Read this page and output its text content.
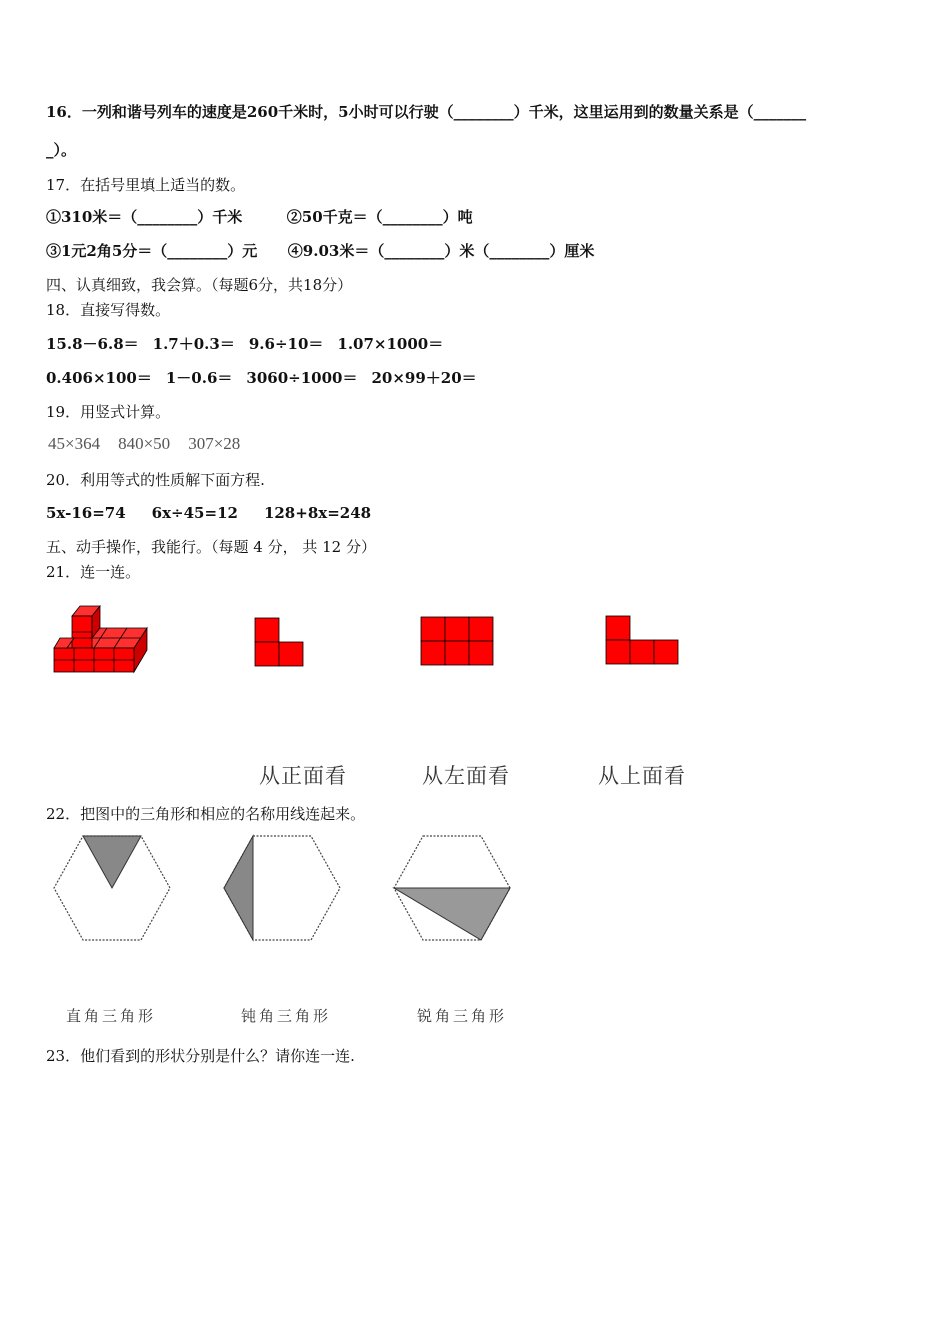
16．一列和谐号列车的速度是260千米时，5小时可以行驶（________）千米，这里运用到的数量关系是（_______
_）。
17．在括号里填上适当的数。
①310米＝（________）千米	②50千克＝（________）吨
③1元2角5分＝（________）元 ④9.03米＝（________）米（________）厘米
四、认真细致，我会算。（每题6分，共18分）
18．直接写得数。
15.8－6.8＝ 1.7＋0.3＝ 9.6÷10＝ 1.07×1000＝
0.406×100＝ 1－0.6＝ 3060÷1000＝ 20×99＋20＝
19．用竖式计算。
45×364 840×50 307×28
20．利用等式的性质解下面方程.
5x-16=74 6x÷45=12 128+8x=248
五、动手操作，我能行。（每题 4 分， 共 12 分）
21．连一连。
从正面看	从左面看	从上面看
22．把图中的三角形和相应的名称用线连起来。
直角三角形	钝角三角形	锐角三角形
23．他们看到的形状分别是什么？请你连一连.
